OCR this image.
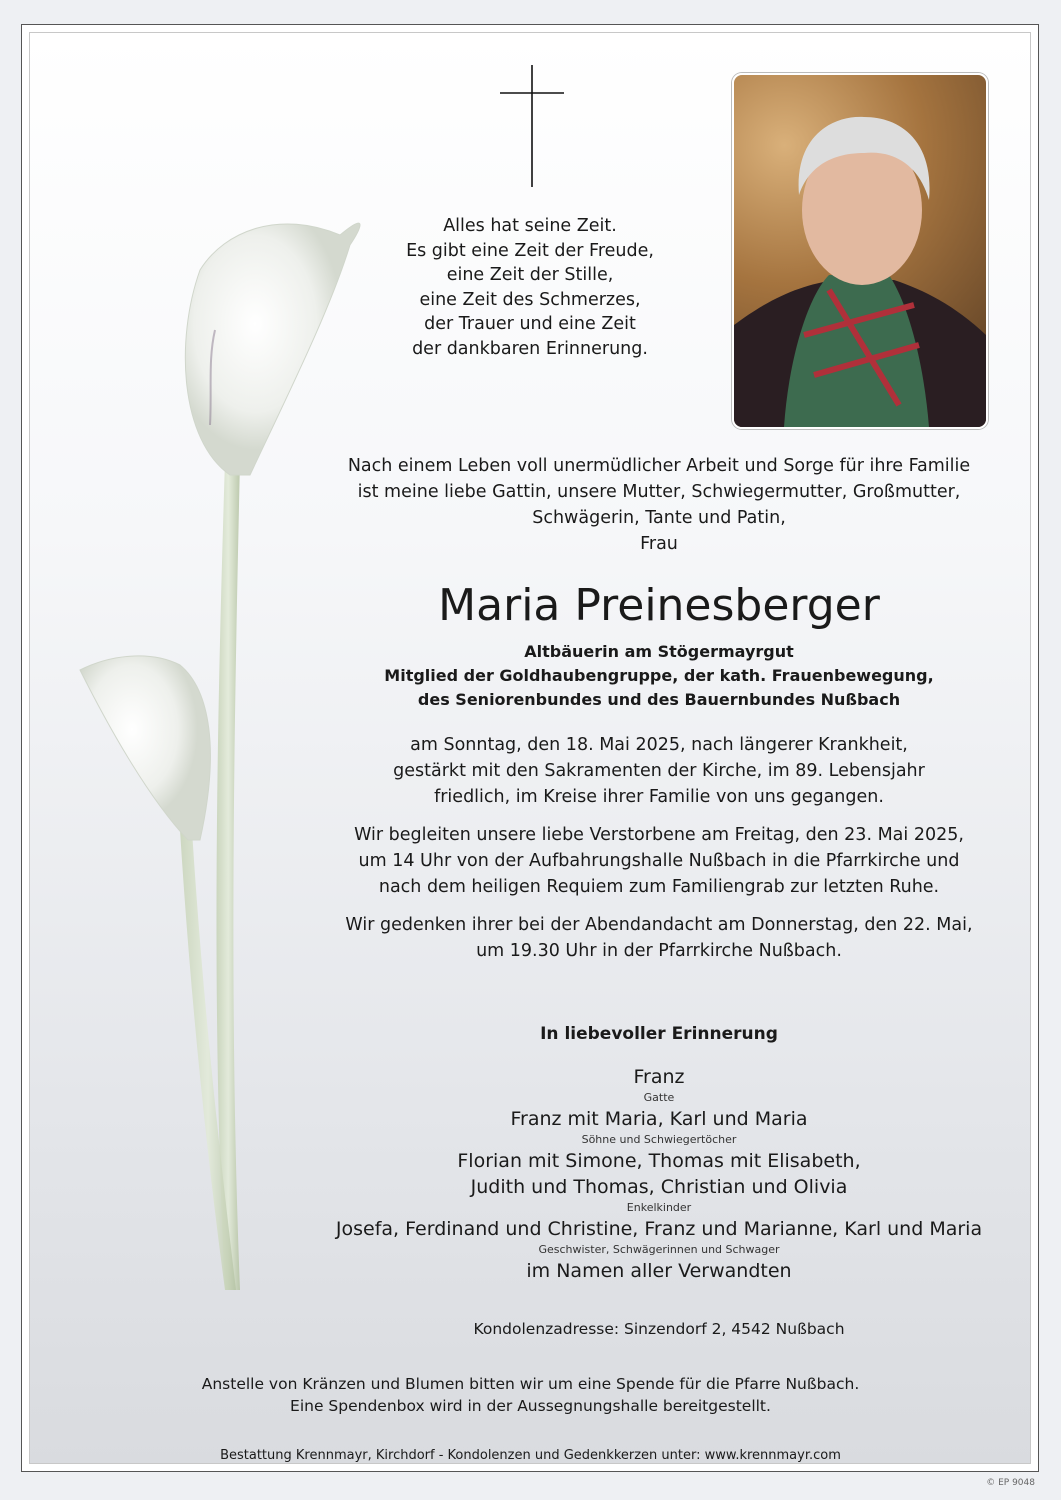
Alles hat seine Zeit.
Es gibt eine Zeit der Freude,
eine Zeit der Stille,
eine Zeit des Schmerzes,
der Trauer und eine Zeit
der dankbaren Erinnerung.
Nach einem Leben voll unermüdlicher Arbeit und Sorge für ihre Familie
ist meine liebe Gattin, unsere Mutter, Schwiegermutter, Großmutter,
Schwägerin, Tante und Patin,
Frau
Maria Preinesberger
Altbäuerin am Stögermayrgut
Mitglied der Goldhaubengruppe, der kath. Frauenbewegung,
des Seniorenbundes und des Bauernbundes Nußbach
am Sonntag, den 18. Mai 2025, nach längerer Krankheit,
gestärkt mit den Sakramenten der Kirche, im 89. Lebensjahr
friedlich, im Kreise ihrer Familie von uns gegangen.
Wir begleiten unsere liebe Verstorbene am Freitag, den 23. Mai 2025,
um 14 Uhr von der Aufbahrungshalle Nußbach in die Pfarrkirche und
nach dem heiligen Requiem zum Familiengrab zur letzten Ruhe.
Wir gedenken ihrer bei der Abendandacht am Donnerstag, den 22. Mai,
um 19.30 Uhr in der Pfarrkirche Nußbach.
In liebevoller Erinnerung
Franz
Gatte
Franz mit Maria, Karl und Maria
Söhne und Schwiegertöcher
Florian mit Simone, Thomas mit Elisabeth,
Judith und Thomas, Christian und Olivia
Enkelkinder
Josefa, Ferdinand und Christine, Franz und Marianne, Karl und Maria
Geschwister, Schwägerinnen und Schwager
im Namen aller Verwandten
Kondolenzadresse: Sinzendorf 2, 4542 Nußbach
Anstelle von Kränzen und Blumen bitten wir um eine Spende für die Pfarre Nußbach.
Eine Spendenbox wird in der Aussegnungshalle bereitgestellt.
Bestattung Krennmayr, Kirchdorf - Kondolenzen und Gedenkkerzen unter: www.krennmayr.com
© EP 9048
